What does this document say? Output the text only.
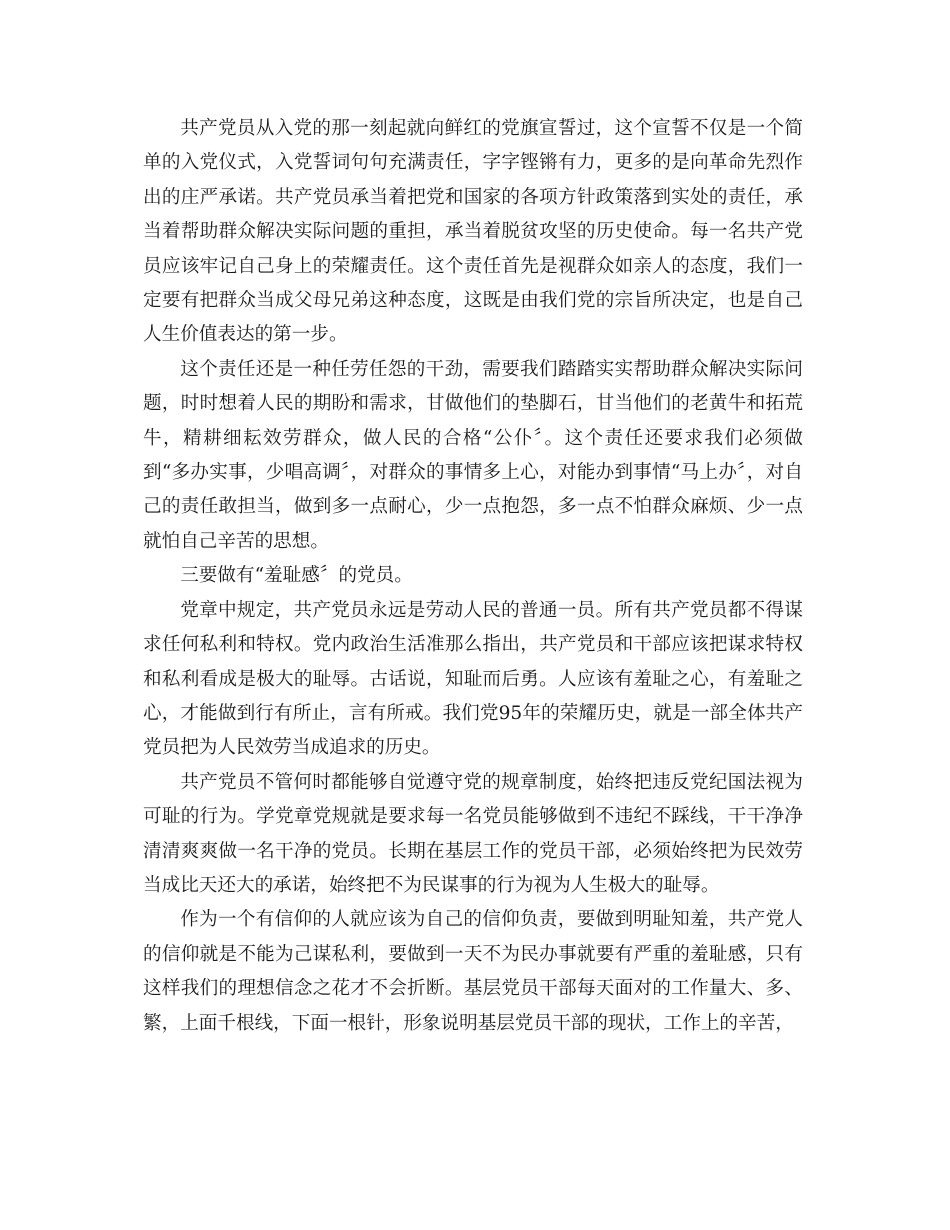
共产党员从入党的那一刻起就向鲜红的党旗宣誓过，这个宣誓不仅是一个简单的入党仪式，入党誓词句句充满责任，字字铿锵有力，更多的是向革命先烈作出的庄严承诺。共产党员承当着把党和国家的各项方针政策落到实处的责任，承当着帮助群众解决实际问题的重担，承当着脱贫攻坚的历史使命。每一名共产党员应该牢记自己身上的荣耀责任。这个责任首先是视群众如亲人的态度，我们一定要有把群众当成父母兄弟这种态度，这既是由我们党的宗旨所决定，也是自己人生价值表达的第一步。

这个责任还是一种任劳任怨的干劲，需要我们踏踏实实帮助群众解决实际问题，时时想着人民的期盼和需求，甘做他们的垫脚石，甘当他们的老黄牛和拓荒牛，精耕细耘效劳群众，做人民的合格“公仆〞。这个责任还要求我们必须做到“多办实事，少唱高调〞，对群众的事情多上心，对能办到事情“马上办〞，对自己的责任敢担当，做到多一点耐心，少一点抱怨，多一点不怕群众麻烦、少一点就怕自己辛苦的思想。

三要做有“羞耻感〞的党员。

党章中规定，共产党员永远是劳动人民的普通一员。所有共产党员都不得谋求任何私利和特权。党内政治生活准那么指出，共产党员和干部应该把谋求特权和私利看成是极大的耻辱。古话说，知耻而后勇。人应该有羞耻之心，有羞耻之心，才能做到行有所止，言有所戒。我们党95年的荣耀历史，就是一部全体共产党员把为人民效劳当成追求的历史。

共产党员不管何时都能够自觉遵守党的规章制度，始终把违反党纪国法视为可耻的行为。学党章党规就是要求每一名党员能够做到不违纪不踩线，干干净净清清爽爽做一名干净的党员。长期在基层工作的党员干部，必须始终把为民效劳当成比天还大的承诺，始终把不为民谋事的行为视为人生极大的耻辱。

作为一个有信仰的人就应该为自己的信仰负责，要做到明耻知羞，共产党人的信仰就是不能为己谋私利，要做到一天不为民办事就要有严重的羞耻感，只有这样我们的理想信念之花才不会折断。基层党员干部每天面对的工作量大、多、繁，上面千根线，下面一根针，形象说明基层党员干部的现状，工作上的辛苦，
